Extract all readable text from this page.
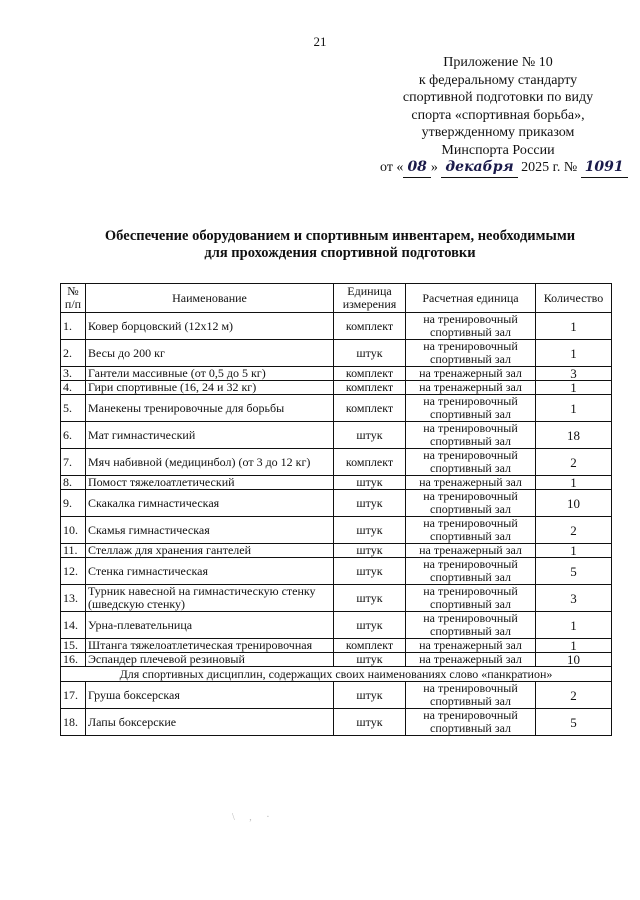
21
Приложение № 10
к федеральному стандарту
спортивной подготовки по виду
спорта «спортивная борьба»,
утвержденному приказом
Минспорта России
от « 08 » декабря 2025 г. № 1091
Обеспечение оборудованием и спортивным инвентарем, необходимыми
для прохождения спортивной подготовки
№ п/п	Наименование	Единица измерения	Расчетная единица	Количество
1.	Ковер борцовский (12х12 м)	комплект	на тренировочный спортивный зал	1
2.	Весы до 200 кг	штук	на тренировочный спортивный зал	1
3.	Гантели массивные (от 0,5 до 5 кг)	комплект	на тренажерный зал	3
4.	Гири спортивные (16, 24 и 32 кг)	комплект	на тренажерный зал	1
5.	Манекены тренировочные для борьбы	комплект	на тренировочный спортивный зал	1
6.	Мат гимнастический	штук	на тренировочный спортивный зал	18
7.	Мяч набивной (медицинбол) (от 3 до 12 кг)	комплект	на тренировочный спортивный зал	2
8.	Помост тяжелоатлетический	штук	на тренажерный зал	1
9.	Скакалка гимнастическая	штук	на тренировочный спортивный зал	10
10.	Скамья гимнастическая	штук	на тренировочный спортивный зал	2
11.	Стеллаж для хранения гантелей	штук	на тренажерный зал	1
12.	Стенка гимнастическая	штук	на тренировочный спортивный зал	5
13.	Турник навесной на гимнастическую стенку (шведскую стенку)	штук	на тренировочный спортивный зал	3
14.	Урна-плевательница	штук	на тренировочный спортивный зал	1
15.	Штанга тяжелоатлетическая тренировочная	комплект	на тренажерный зал	1
16.	Эспандер плечевой резиновый	штук	на тренажерный зал	10
Для спортивных дисциплин, содержащих своих наименованиях слово «панкратион»				
17.	Груша боксерская	штук	на тренировочный спортивный зал	2
18.	Лапы боксерские	штук	на тренировочный спортивный зал	5
\ , ·
